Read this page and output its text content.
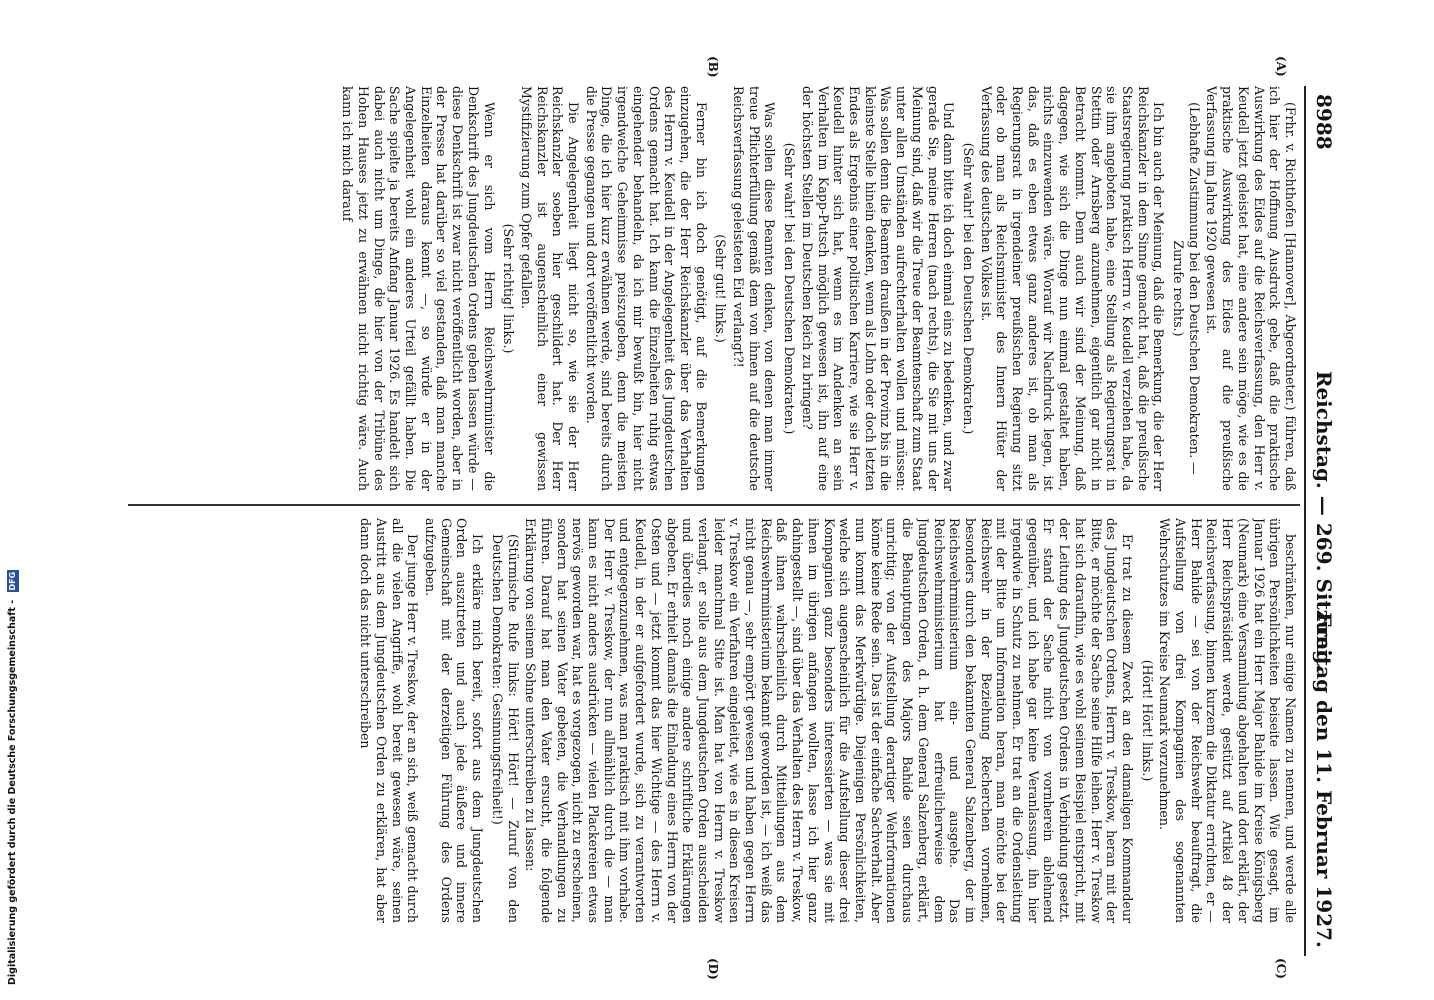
8988
Reichstag. — 269. Sitzung.
Freitag den 11. Februar 1927.
(A)
(B)
(C)
(D)

(Frhr. v. Richthofen [Hannover], Abgeordneter.) führen, daß ich hier der Hoffnung Ausdruck gebe, daß die praktische Auswirkung des Eides auf die Reichsverfassung, den Herr v. Keudell jetzt geleistet hat, eine andere sein möge, wie es die praktische Auswirkung des Eides auf die preußische Verfassung im Jahre 1920 gewesen ist.

(Lebhafte Zustimmung bei den Deutschen Demokraten. — Zurufe rechts.)

Ich bin auch der Meinung, daß die Bemerkung, die der Herr Reichskanzler in dem Sinne gemacht hat, daß die preußische Staatsregierung praktisch Herrn v. Keudell verziehen habe, da sie ihm angeboten habe, eine Stellung als Regierungsrat in Stettin oder Arnsberg anzunehmen, eigentlich gar nicht in Betracht kommt. Denn auch wir sind der Meinung, daß dagegen, wie sich die Dinge nun einmal gestaltet haben, nichts einzuwenden wäre. Worauf wir Nachdruck legen, ist das, daß es eben etwas ganz anderes ist, ob man als Regierungsrat in irgendeiner preußischen Regierung sitzt oder ob man als Reichsminister des Innern Hüter der Verfassung des deutschen Volkes ist.

(Sehr wahr! bei den Deutschen Demokraten.)

Und dann bitte ich doch einmal eins zu bedenken, und zwar gerade Sie, meine Herren (nach rechts), die Sie mit uns der Meinung sind, daß wir die Treue der Beamtenschaft zum Staat unter allen Umständen aufrechterhalten wollen und müssen: Was sollen denn die Beamten draußen in der Provinz bis in die kleinste Stelle hinein denken, wenn als Lohn oder doch letzten Endes als Ergebnis einer politischen Karriere, wie sie Herr v. Keudell hinter sich hat, wenn es im Andenken an sein Verhalten im Kapp-Putsch möglich gewesen ist, ihn auf eine der höchsten Stellen im Deutschen Reich zu bringen?

(Sehr wahr! bei den Deutschen Demokraten.)

Was sollen diese Beamten denken, von denen man immer treue Pflichterfüllung gemäß dem von ihnen auf die deutsche Reichsverfassung geleisteten Eid verlangt?!

(Sehr gut! links.)

Ferner bin ich doch genötigt, auf die Bemerkungen einzugehen, die der Herr Reichskanzler über das Verhalten des Herrn v. Keudell in der Angelegenheit des Jungdeutschen Ordens gemacht hat. Ich kann die Einzelheiten ruhig etwas eingehender behandeln, da ich mir bewußt bin, hier nicht irgendwelche Geheimnisse preiszugeben, denn die meisten Dinge, die ich hier kurz erwähnen werde, sind bereits durch die Presse gegangen und dort veröffentlicht worden.

Die Angelegenheit liegt nicht so, wie sie der Herr Reichskanzler soeben hier geschildert hat. Der Herr Reichskanzler ist augenscheinlich einer gewissen Mystifizierung zum Opfer gefallen.

(Sehr richtig! links.)

Wenn er sich vom Herrn Reichswehrminister die Denkschrift des Jungdeutschen Ordens geben lassen würde — diese Denkschrift ist zwar nicht veröffentlicht worden, aber in der Presse hat darüber so viel gestanden, daß man manche Einzelheiten daraus kennt —, so würde er in der Angelegenheit wohl ein anderes Urteil gefällt haben. Die Sache spielte ja bereits Anfang Januar 1926. Es handelt sich dabei auch nicht um Dinge, die hier von der Tribüne des Hohen Hauses jetzt zu erwähnen nicht richtig wäre. Auch kann ich mich darauf

beschränken, nur einige Namen zu nennen, und werde alle übrigen Persönlichkeiten beiseite lassen. Wie gesagt, im Januar 1926 hat ein Herr Major Bahide im Kreise Königsberg (Neumark) eine Versammlung abgehalten und dort erklärt, der Herr Reichspräsident werde, gestützt auf Artikel 48 der Reichsverfassung, binnen kurzem die Diktatur errichten, er — Herr Bahide — sei von der Reichswehr beauftragt, die Aufstellung von drei Kompagnien des sogenannten Wehrschutzes im Kreise Neumark vorzunehmen.

(Hört! Hört! links.)

Er trat zu diesem Zweck an den damaligen Kommandeur des Jungdeutschen Ordens, Herrn v. Treskow, heran mit der Bitte, er möchte der Sache seine Hilfe leihen. Herr v. Treskow hat sich daraufhin, wie es wohl seinem Beispiel entspricht, mit der Leitung des Jungdeutschen Ordens in Verbindung gesetzt. Er stand der Sache nicht von vornherein ablehnend gegenüber, und ich habe gar keine Veranlassung, ihn hier irgendwie in Schutz zu nehmen. Er trat an die Ordensleitung mit der Bitte um Information heran, man möchte bei der Reichswehr in der Beziehung Recherchen vornehmen, besonders durch den bekannten General Salzenberg, der im Reichswehrministerium ein- und ausgehe. Das Reichswehrministerium hat erfreulicherweise dem Jungdeutschen Orden, d. h. dem General Salzenberg, erklärt, die Behauptungen des Majors Bahide seien durchaus unrichtig; von der Aufstellung derartiger Wehrformationen könne keine Rede sein. Das ist der einfache Sachverhalt. Aber nun kommt das Merkwürdige. Diejenigen Persönlichkeiten, welche sich augenscheinlich für die Aufstellung dieser drei Kompagnien ganz besonders interessierten — was sie mit ihnen im übrigen anfangen wollten, lasse ich hier ganz dahingestellt —, sind über das Verhalten des Herrn v. Treskow, daß ihnen wahrscheinlich durch Mitteilungen aus dem Reichswehrministerium bekannt geworden ist, — ich weiß das nicht genau —, sehr empört gewesen und haben gegen Herrn v. Treskow ein Verfahren eingeleitet, wie es in diesen Kreisen leider manchmal Sitte ist. Man hat von Herrn v. Treskow verlangt, er solle aus dem Jungdeutschen Orden ausscheiden und überdies noch einige andere schriftliche Erklärungen abgeben. Er erhielt damals die Einladung eines Herrn von der Osten und — jetzt kommt das hier Wichtige — des Herrn v. Keudell, in der er aufgefordert wurde, sich zu verantworten und entgegenzunehmen, was man praktisch mit ihm vorhabe. Der Herr v. Treskow, der nun allmählich durch die — man kann es nicht anders ausdrücken — vielen Plackereien etwas nervös geworden war, hat es vorgezogen, nicht zu erscheinen, sondern hat seinen Vater gebeten, die Verhandlungen zu führen. Darauf hat man den Vater ersucht, die folgende Erklärung von seinem Sohne unterschreiben zu lassen:

(Stürmische Rufe links: Hört! Hört! — Zuruf von den Deutschen Demokraten: Gesinnungsfreiheit!)

Ich erkläre mich bereit, sofort aus dem Jungdeutschen Orden auszutreten und auch jede äußere und innere Gemeinschaft mit der derzeitigen Führung des Ordens aufzugeben.

Der junge Herr v. Treskow, der an sich, weiß gemacht durch all die vielen Angriffe, wohl bereit gewesen wäre, seinen Austritt aus dem Jungdeutschen Orden zu erklären, hat aber dann doch das nicht unterschreiben

Digitalisierung gefördert durch die Deutsche Forschungsgemeinschaft - DFG
